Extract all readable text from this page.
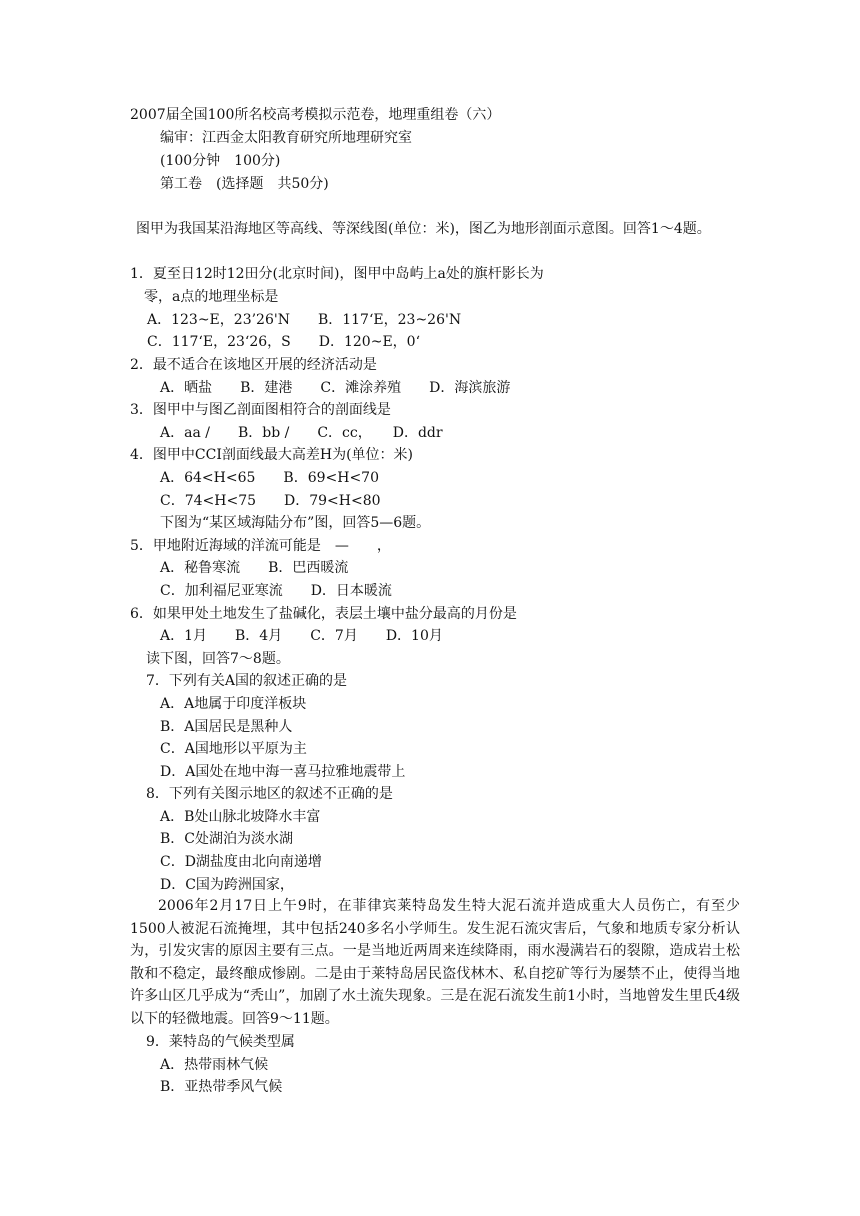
2007届全国100所名校高考模拟示范卷，地理重组卷（六）
编审：江西金太阳教育研究所地理研究室
(100分钟　100分)
第工卷　(选择题　共50分)
图甲为我国某沿海地区等高线、等深线图(单位：米)，图乙为地形剖面示意图。回答1～4题。
1．夏至日12时12田分(北京时间)，图甲中岛屿上a处的旗杆影长为
零，a点的地理坐标是
A．123~E，23’26'N　　B．117‘E，23~26'N
C．117‘E，23‘26，S　　D．120~E，0‘
2．最不适合在该地区开展的经济活动是
A．晒盐　　B．建港　　C．滩涂养殖　　D．海滨旅游
3．图甲中与图乙剖面图相符合的剖面线是
A．aa /　　B．bb /　　C．cc，　　D．ddr
4．图甲中CCI剖面线最大高差H为(单位：米)
A．64<H<65　　B．69<H<70
C．74<H<75　　D．79<H<80
下图为“某区域海陆分布”图，回答5—6题。
5．甲地附近海域的洋流可能是　—　　，
A．秘鲁寒流　　B．巴西暖流
C．加利福尼亚寒流　　D．日本暖流
6．如果甲处土地发生了盐碱化，表层土壤中盐分最高的月份是
A．1月　　B．4月　　C．7月　　D．10月
读下图，回答7～8题。
7．下列有关A国的叙述正确的是
A．A地属于印度洋板块
B．A国居民是黑种人
C．A国地形以平原为主
D．A国处在地中海一喜马拉雅地震带上
8．下列有关图示地区的叙述不正确的是
A．B处山脉北坡降水丰富
B．C处湖泊为淡水湖
C．D湖盐度由北向南递增
D．C国为跨洲国家，
2006年2月17日上午9时，在菲律宾莱特岛发生特大泥石流并造成重大人员伤亡，有至少1500人被泥石流掩埋，其中包括240多名小学师生。发生泥石流灾害后，气象和地质专家分析认为，引发灾害的原因主要有三点。一是当地近两周来连续降雨，雨水漫满岩石的裂隙，造成岩土松散和不稳定，最终酿成惨剧。二是由于莱特岛居民盗伐林木、私自挖矿等行为屡禁不止，使得当地许多山区几乎成为“秃山”，加剧了水土流失现象。三是在泥石流发生前1小时，当地曾发生里氏4级以下的轻微地震。回答9～11题。
9．莱特岛的气候类型属
A．热带雨林气候
B．亚热带季风气候
